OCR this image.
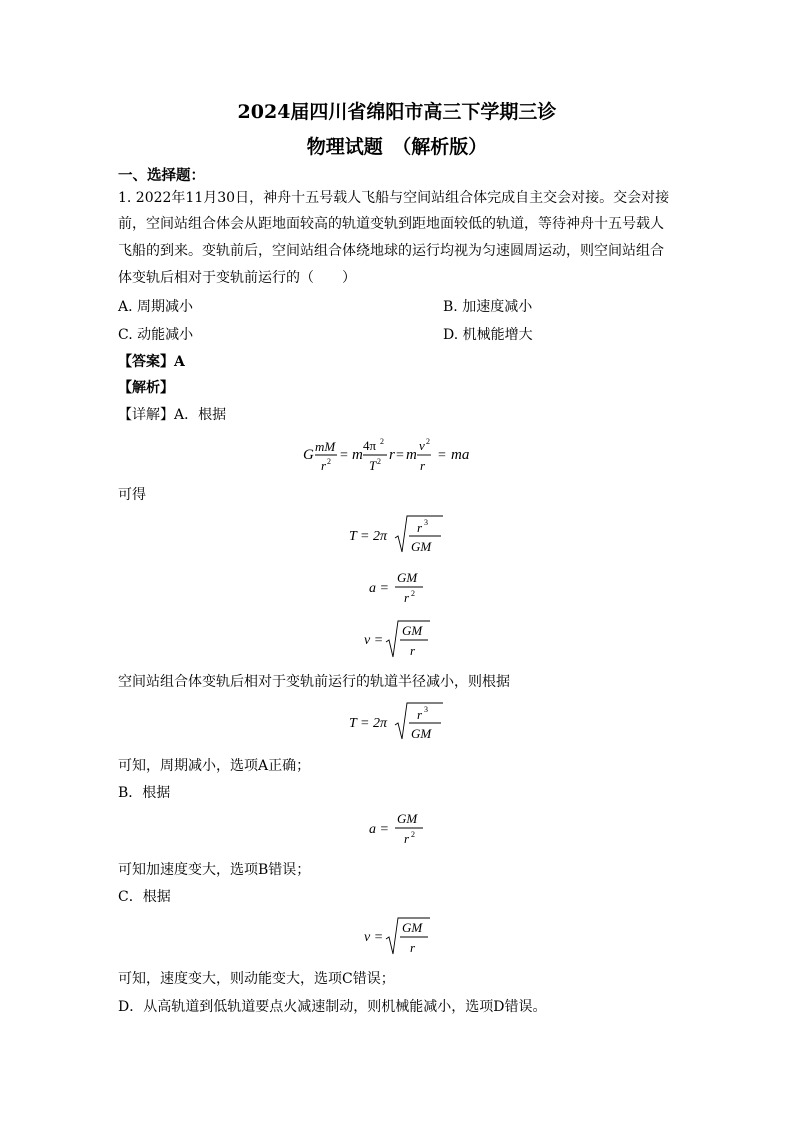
2024届四川省绵阳市高三下学期三诊
物理试题　（解析版）
一、选择题：
1. 2022年11月30日，神舟十五号载人飞船与空间站组合体完成自主交会对接。交会对接
前，空间站组合体会从距地面较高的轨道变轨到距地面较低的轨道，等待神舟十五号载人
飞船的到来。变轨前后，空间站组合体绕地球的运行均视为匀速圆周运动，则空间站组合
体变轨后相对于变轨前运行的（　　）
A. 周期减小	B. 加速度减小
C. 动能减小	D. 机械能增大
【答案】A
【解析】
【详解】A．根据
G
mM
r 2 = m
4π 2
T 2 r = m
v 2
r
= ma
可得
T = 2π
r 3
GM
a =
GM
r 2
v =
GM
r
空间站组合体变轨后相对于变轨前运行的轨道半径减小，则根据
T = 2π
r 3
GM
可知，周期减小，选项A正确；
B．根据
a =
GM
r 2
可知加速度变大，选项B错误；
C．根据
v =
GM
r
可知，速度变大，则动能变大，选项C错误；
D．从高轨道到低轨道要点火减速制动，则机械能减小，选项D错误。
